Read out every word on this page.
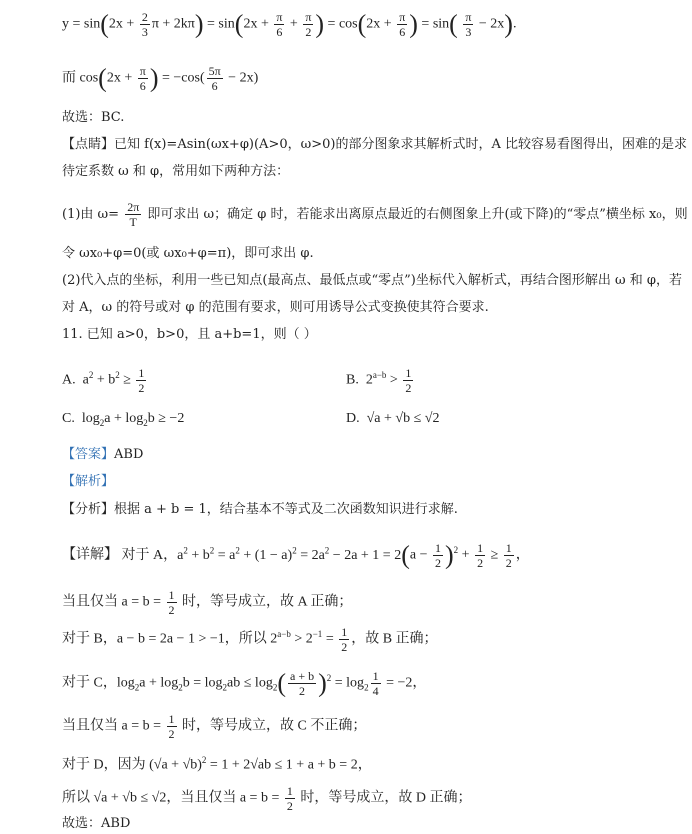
$y = \sin(2x + \frac{2}{3}$ $\pi + 2k\pi) = \sin(2x + \frac{\pi}{6} + \frac{\pi}{2}$ ) = $\cos(2x + \frac{\pi}{6}$ ) = $\sin( \frac{\pi}{3} - 2x)$.
而 $\cos(2x + \frac{\pi}{6}$ ) = $-\cos( \frac{5\pi}{6} - 2x)$
故选：BC.
【点睛】已知 f(x)=Asin(ωx+φ)(A>0，ω>0)的部分图象求其解析式时，A 比较容易看图得出，困难的是求
待定系数 ω 和 φ，常用如下两种方法：
(1)由 $\omega= \frac{2\pi}{T}$ 即可求出 ω；确定 φ 时，若能求出离原点最近的右侧图象上升(或下降)的“零点”横坐标 x₀，则
令 ωx₀+φ=0(或 ωx₀+φ=π)，即可求出 φ.
(2)代入点的坐标，利用一些已知点(最高点、最低点或“零点”)坐标代入解析式，再结合图形解出 ω 和 φ，若
对 A，ω 的符号或对 φ 的范围有要求，则可用诱导公式变换使其符合要求.
11. 已知 a>0，b>0，且 a+b=1，则（ ）
A.  $a^2 + b^2 \ge \frac{1}{2}$	B.  $2^{a-b} > \frac{1}{2}$
C.  $\log_2a + \log_2b \ge -2$	D.  √a + √b ≤ √2
【答案】ABD
【解析】
【分析】根据 a + b = 1，结合基本不等式及二次函数知识进行求解.
【详解】 对于 A，$a^2 + b^2 = a^2 + (1 - a)^2 = 2a^2 - 2a + 1 = 2(a - \frac{1}{2} )^2 + \frac{1}{2} \ge \frac{1}{2}$ ，
当且仅当 $a = b = \frac{1}{2}$ 时，等号成立，故 A 正确；
对于 B，a − b = 2a − 1 > −1，所以 $2^{a-b} > 2^{-1} = \frac{1}{2}$ ，故 B 正确；
对于 C，$\log_2a + \log_2b = \log_2ab \le \log_2( \frac{a + b}{2} )^2 = \log_2 \frac{1}{4} = -2$，
当且仅当 $a = b = \frac{1}{2}$ 时，等号成立，故 C 不正确；
对于 D，因为 $(√a + √b)^2 = 1 + 2√ab \le 1 + a + b = 2$，
所以 √a + √b ≤ √2，当且仅当 $a = b = \frac{1}{2}$ 时，等号成立，故 D 正确；
故选：ABD
